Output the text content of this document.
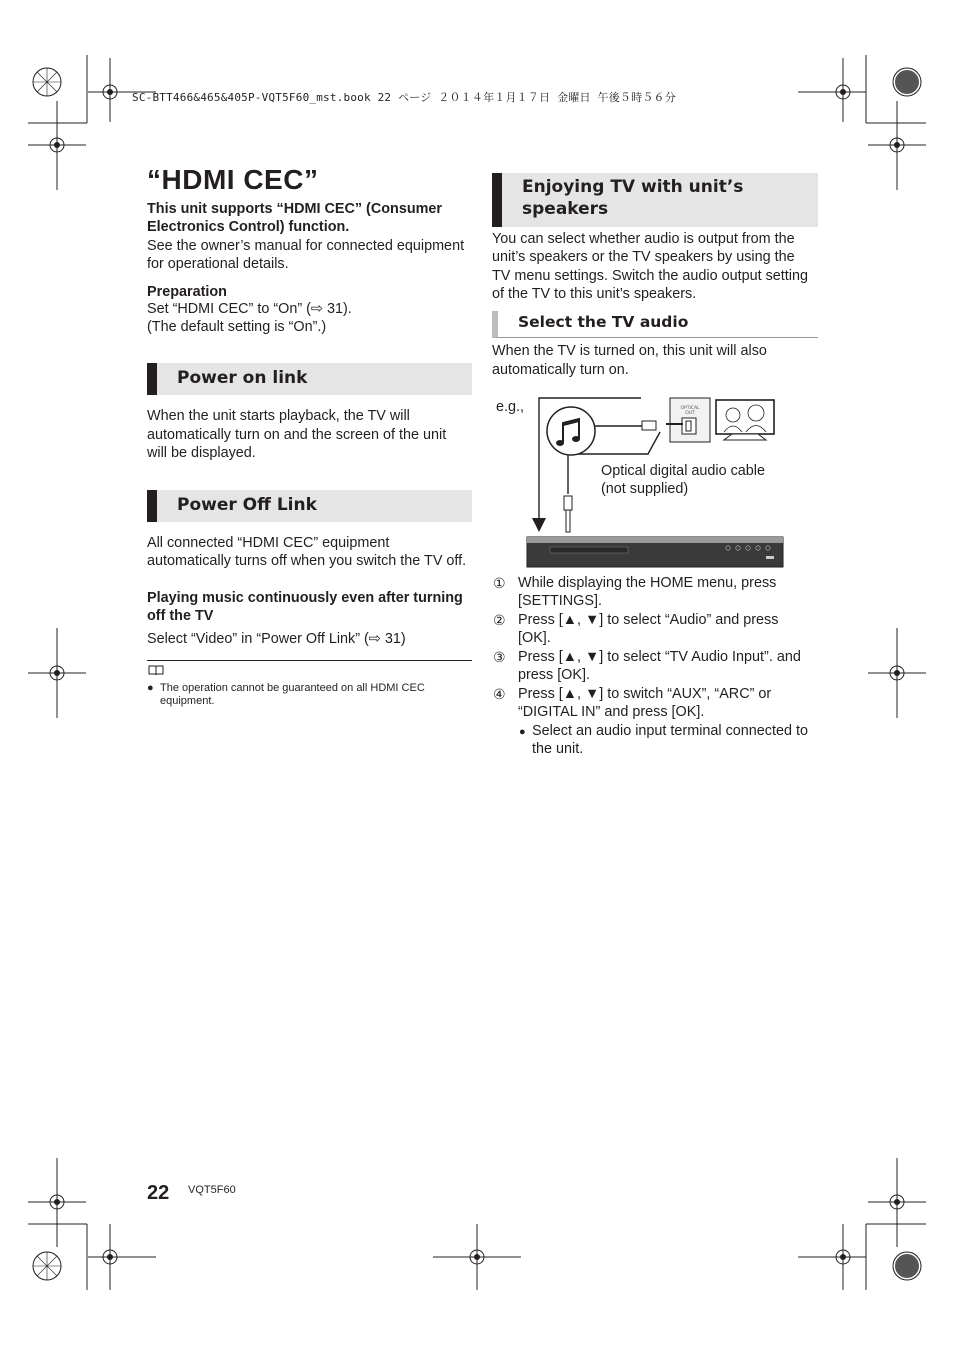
SC-BTT466&465&405P-VQT5F60_mst.book 22 ページ ２０１４年１月１７日 金曜日 午後５時５６分
“HDMI CEC”
This unit supports “HDMI CEC” (Consumer
Electronics Control) function.
See the owner’s manual for connected equipment
for operational details.
Preparation
Set “HDMI CEC” to “On” (⇨ 31).
(The default setting is “On”.)
Power on link
When the unit starts playback, the TV will
automatically turn on and the screen of the unit
will be displayed.
Power Off Link
All connected “HDMI CEC” equipment
automatically turns off when you switch the TV off.
Playing music continuously even after turning
off the TV
Select “Video” in “Power Off Link” (⇨ 31)
● The operation cannot be guaranteed on all HDMI CEC
equipment.
Enjoying TV with unit’s
speakers
You can select whether audio is output from the
unit’s speakers or the TV speakers by using the
TV menu settings. Switch the audio output setting
of the TV to this unit’s speakers.
Select the TV audio
When the TV is turned on, this unit will also
automatically turn on.
e.g.,	OPTICAL
OUT
Optical digital audio cable
(not supplied)
① While displaying the HOME menu, press
[SETTINGS].
② Press [▲, ▼] to select “Audio” and press
[OK].
③ Press [▲, ▼] to select “TV Audio Input”. and
press [OK].
④ Press [▲, ▼] to switch “AUX”, “ARC” or
“DIGITAL IN” and press [OK].
● Select an audio input terminal connected to
the unit.
22 VQT5F60
